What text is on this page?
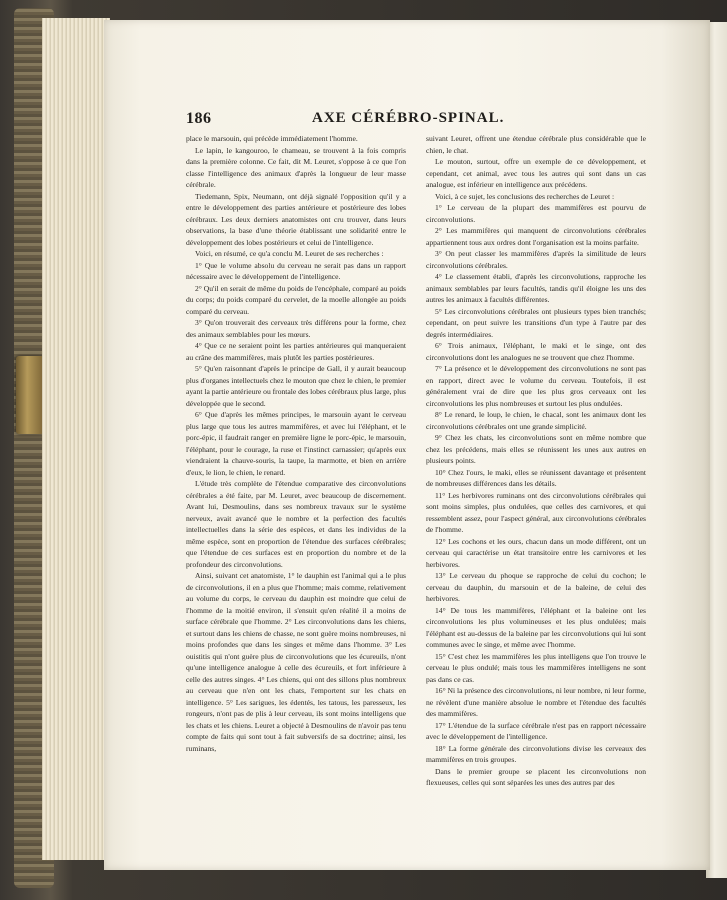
186	AXE CÉRÉBRO-SPINAL.

place le marsouin, qui précède immédiatement l'homme.

Le lapin, le kangouroo, le chameau, se trouvent à la fois compris dans la première colonne. Ce fait, dit M. Leuret, s'oppose à ce que l'on classe l'intelligence des animaux d'après la longueur de leur masse cérébrale.

Tiedemann, Spix, Neumann, ont déjà signalé l'opposition qu'il y a entre le développement des parties antérieure et postérieure des lobes cérébraux. Les deux derniers anatomistes ont cru trouver, dans leurs observations, la base d'une théorie établissant une solidarité entre le développement des lobes postérieurs et celui de l'intelligence.

Voici, en résumé, ce qu'a conclu M. Leuret de ses recherches :

1° Que le volume absolu du cerveau ne serait pas dans un rapport nécessaire avec le développement de l'intelligence.

2° Qu'il en serait de même du poids de l'encéphale, comparé au poids du corps; du poids comparé du cervelet, de la moelle allongée au poids comparé du cerveau.

3° Qu'on trouverait des cerveaux très différens pour la forme, chez des animaux semblables pour les mœurs.

4° Que ce ne seraient point les parties antérieures qui manqueraient au crâne des mammifères, mais plutôt les parties postérieures.

5° Qu'en raisonnant d'après le principe de Gall, il y aurait beaucoup plus d'organes intellectuels chez le mouton que chez le chien, le premier ayant la partie antérieure ou frontale des lobes cérébraux plus large, plus développée que le second.

6° Que d'après les mêmes principes, le marsouin ayant le cerveau plus large que tous les autres mammifères, et avec lui l'éléphant, et le porc-épic, il faudrait ranger en première ligne le porc-épic, le marsouin, l'éléphant, pour le courage, la ruse et l'instinct carnassier; qu'après eux viendraient la chauve-souris, la taupe, la marmotte, et bien en arrière d'eux, le lion, le chien, le renard.

L'étude très complète de l'étendue comparative des circonvolutions cérébrales a été faite, par M. Leuret, avec beaucoup de discernement. Avant lui, Desmoulins, dans ses nombreux travaux sur le système nerveux, avait avancé que le nombre et la perfection des facultés intellectuelles dans la série des espèces, et dans les individus de la même espèce, sont en proportion de l'étendue des surfaces cérébrales; que l'étendue de ces surfaces est en proportion du nombre et de la profondeur des circonvolutions.

Ainsi, suivant cet anatomiste, 1° le dauphin est l'animal qui a le plus de circonvolutions, il en a plus que l'homme; mais comme, relativement au volume du corps, le cerveau du dauphin est moindre que celui de l'homme de la moitié environ, il s'ensuit qu'en réalité il a moins de surface cérébrale que l'homme. 2° Les circonvolutions dans les chiens, et surtout dans les chiens de chasse, ne sont guère moins nombreuses, ni moins profondes que dans les singes et même dans l'homme. 3° Les ouistitis qui n'ont guère plus de circonvolutions que les écureuils, n'ont qu'une intelligence analogue à celle des écureuils, et fort inférieure à celle des autres singes. 4° Les chiens, qui ont des sillons plus nombreux au cerveau que n'en ont les chats, l'emportent sur les chats en intelligence. 5° Les sarigues, les édentés, les tatous, les paresseux, les rongeurs, n'ont pas de plis à leur cerveau, ils sont moins intelligens que les chats et les chiens. Leuret a objecté à Desmoulins de n'avoir pas tenu compte de faits qui sont tout à fait subversifs de sa doctrine; ainsi, les ruminans,

suivant Leuret, offrent une étendue cérébrale plus considérable que le chien, le chat.

Le mouton, surtout, offre un exemple de ce développement, et cependant, cet animal, avec tous les autres qui sont dans un cas analogue, est inférieur en intelligence aux précédens.

Voici, à ce sujet, les conclusions des recherches de Leuret :

1° Le cerveau de la plupart des mammifères est pourvu de circonvolutions.

2° Les mammifères qui manquent de circonvolutions cérébrales appartiennent tous aux ordres dont l'organisation est la moins parfaite.

3° On peut classer les mammifères d'après la similitude de leurs circonvolutions cérébrales.

4° Le classement établi, d'après les circonvolutions, rapproche les animaux semblables par leurs facultés, tandis qu'il éloigne les uns des autres les animaux à facultés différentes.

5° Les circonvolutions cérébrales ont plusieurs types bien tranchés; cependant, on peut suivre les transitions d'un type à l'autre par des degrés intermédiaires.

6° Trois animaux, l'éléphant, le maki et le singe, ont des circonvolutions dont les analogues ne se trouvent que chez l'homme.

7° La présence et le développement des circonvolutions ne sont pas en rapport, direct avec le volume du cerveau. Toutefois, il est généralement vrai de dire que les plus gros cerveaux ont les circonvolutions les plus nombreuses et surtout les plus ondulées.

8° Le renard, le loup, le chien, le chacal, sont les animaux dont les circonvolutions cérébrales ont une grande simplicité.

9° Chez les chats, les circonvolutions sont en même nombre que chez les précédens, mais elles se réunissent les unes aux autres en plusieurs points.

10° Chez l'ours, le maki, elles se réunissent davantage et présentent de nombreuses différences dans les détails.

11° Les herbivores ruminans ont des circonvolutions cérébrales qui sont moins simples, plus ondulées, que celles des carnivores, et qui ressemblent assez, pour l'aspect général, aux circonvolutions cérébrales de l'homme.

12° Les cochons et les ours, chacun dans un mode différent, ont un cerveau qui caractérise un état transitoire entre les carnivores et les herbivores.

13° Le cerveau du phoque se rapproche de celui du cochon; le cerveau du dauphin, du marsouin et de la baleine, de celui des herbivores.

14° De tous les mammifères, l'éléphant et la baleine ont les circonvolutions les plus volumineuses et les plus ondulées; mais l'éléphant est au-dessus de la baleine par les circonvolutions qui lui sont communes avec le singe, et même avec l'homme.

15° C'est chez les mammifères les plus intelligens que l'on trouve le cerveau le plus ondulé; mais tous les mammifères intelligens ne sont pas dans ce cas.

16° Ni la présence des circonvolutions, ni leur nombre, ni leur forme, ne révèlent d'une manière absolue le nombre et l'étendue des facultés des mammifères.

17° L'étendue de la surface cérébrale n'est pas en rapport nécessaire avec le développement de l'intelligence.

18° La forme générale des circonvolutions divise les cerveaux des mammifères en trois groupes.

Dans le premier groupe se placent les circonvolutions non flexueuses, celles qui sont séparées les unes des autres par des
